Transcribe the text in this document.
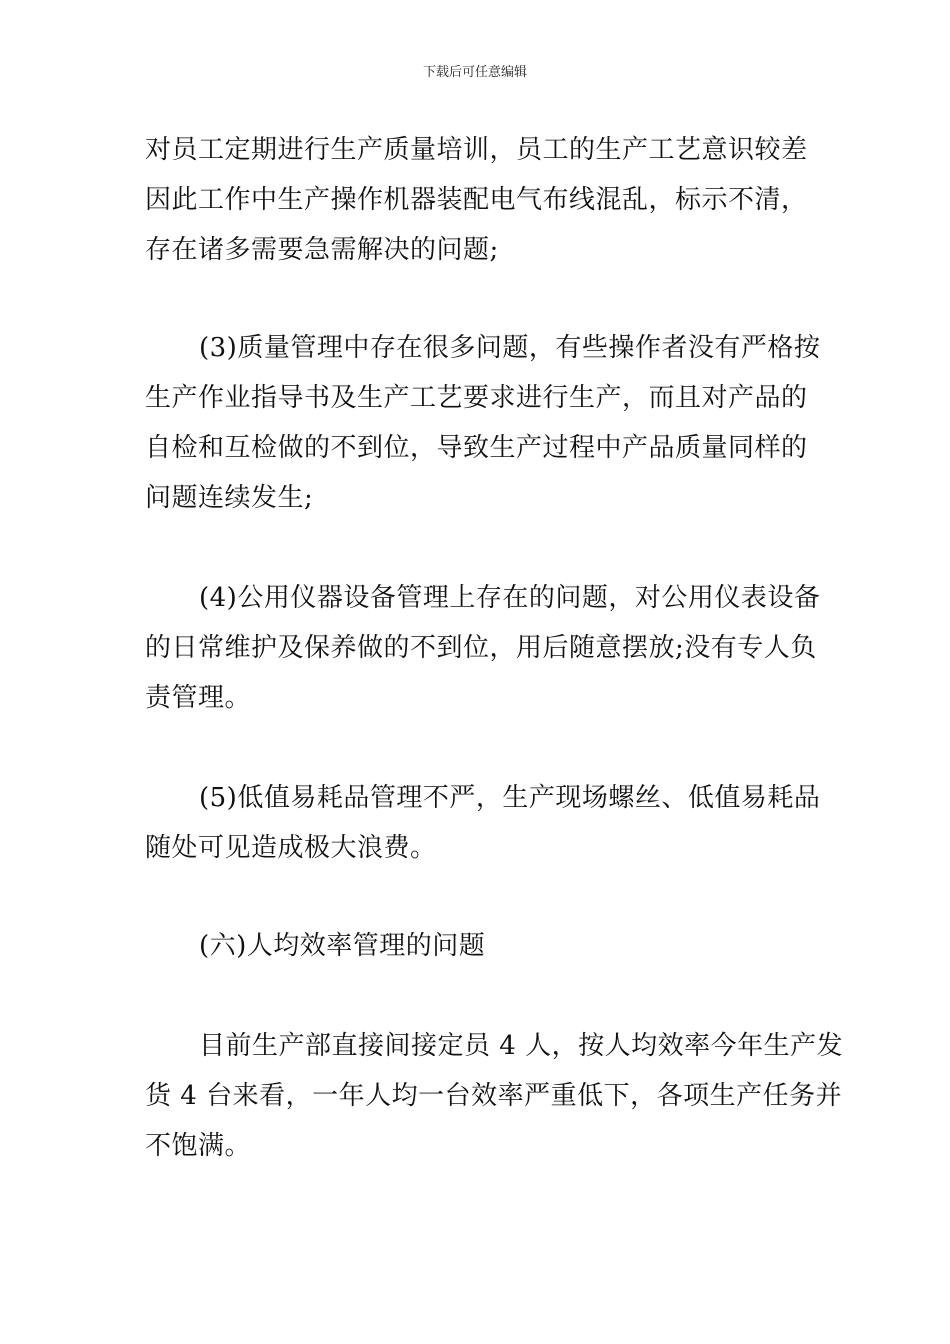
下载后可任意编辑
对员工定期进行生产质量培训，员工的生产工艺意识较差
因此工作中生产操作机器装配电气布线混乱，标示不清，
存在诸多需要急需解决的问题;
(3)质量管理中存在很多问题，有些操作者没有严格按
生产作业指导书及生产工艺要求进行生产，而且对产品的
自检和互检做的不到位，导致生产过程中产品质量同样的
问题连续发生;
(4)公用仪器设备管理上存在的问题，对公用仪表设备
的日常维护及保养做的不到位，用后随意摆放;没有专人负
责管理。
(5)低值易耗品管理不严，生产现场螺丝、低值易耗品
随处可见造成极大浪费。
(六)人均效率管理的问题
目前生产部直接间接定员 4 人，按人均效率今年生产发
货 4 台来看，一年人均一台效率严重低下，各项生产任务并
不饱满。
